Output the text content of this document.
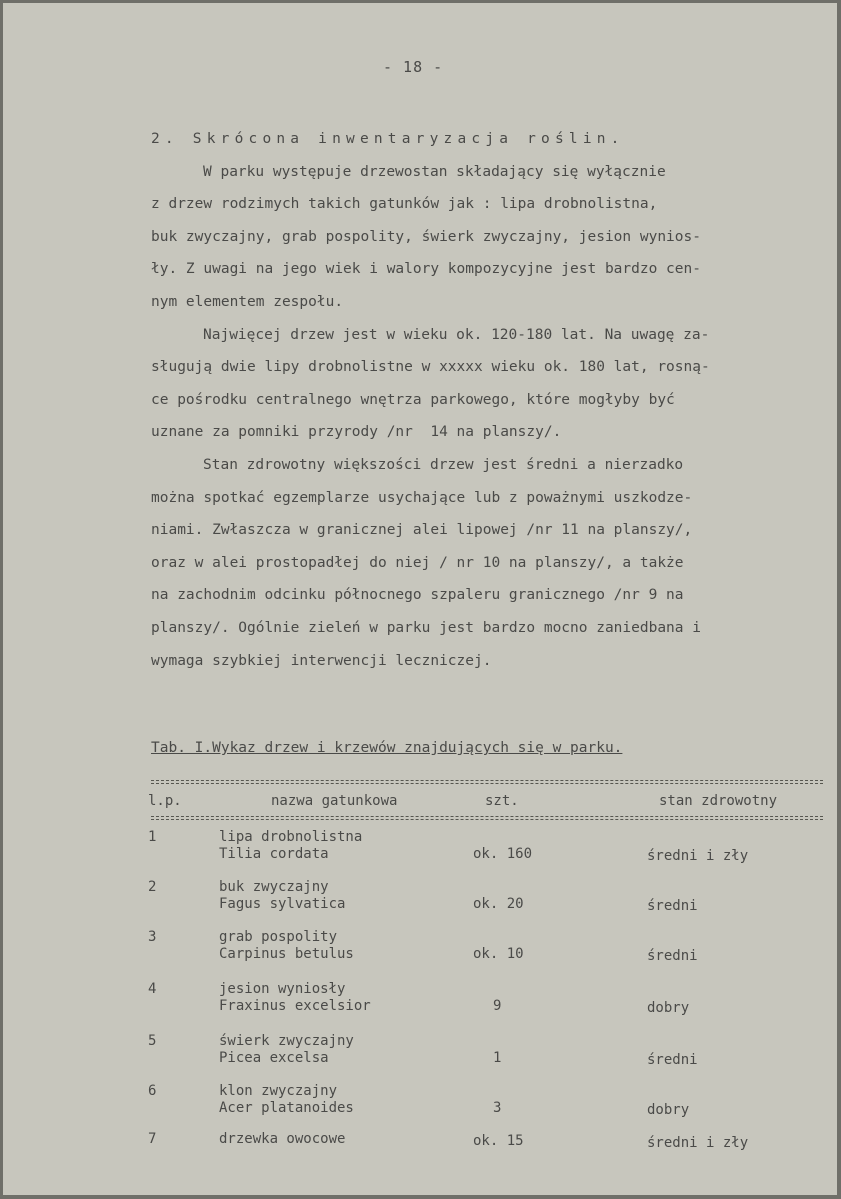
- 18 -
2. Skrócona inwentaryzacja roślin.
W parku występuje drzewostan składający się wyłącznie
z drzew rodzimych takich gatunków jak : lipa drobnolistna,
buk zwyczajny, grab pospolity, świerk zwyczajny, jesion wynios-
ły. Z uwagi na jego wiek i walory kompozycyjne jest bardzo cen-
nym elementem zespołu.
Najwięcej drzew jest w wieku ok. 120-180 lat. Na uwagę za-
sługują dwie lipy drobnolistne w xxxxx wieku ok. 180 lat, rosną-
ce pośrodku centralnego wnętrza parkowego, które mogłyby być
uznane za pomniki przyrody /nr  14 na planszy/.
Stan zdrowotny większości drzew jest średni a nierzadko
można spotkać egzemplarze usychające lub z poważnymi uszkodze-
niami. Zwłaszcza w granicznej alei lipowej /nr 11 na planszy/,
oraz w alei prostopadłej do niej / nr 10 na planszy/, a także
na zachodnim odcinku północnego szpaleru granicznego /nr 9 na
planszy/. Ogólnie zieleń w parku jest bardzo mocno zaniedbana i
wymaga szybkiej interwencji leczniczej.
Tab. I.Wykaz drzew i krzewów znajdujących się w parku.
l.p.	nazwa gatunkowa	szt.	stan zdrowotny
1	lipa drobnolistna
Tilia cordata	ok. 160	średni i zły
2	buk zwyczajny
Fagus sylvatica	ok. 20	średni
3	grab pospolity
Carpinus betulus	ok. 10	średni
4	jesion wyniosły
Fraxinus excelsior	9	dobry
5	świerk zwyczajny
Picea excelsa	1	średni
6	klon zwyczajny
Acer platanoides	3	dobry
7	drzewka owocowe	ok. 15	średni i zły
